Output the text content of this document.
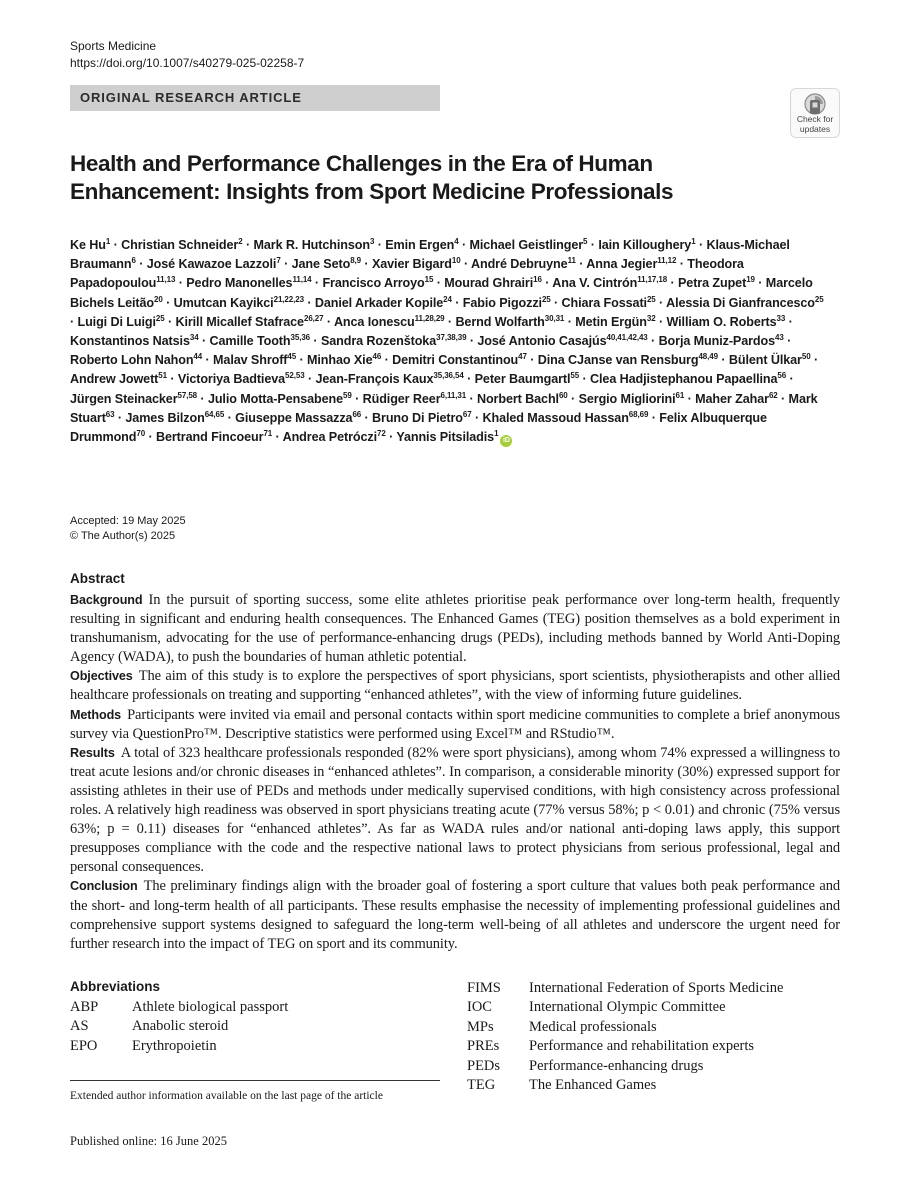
Sports Medicine
https://doi.org/10.1007/s40279-025-02258-7
ORIGINAL RESEARCH ARTICLE
Check for updates
Health and Performance Challenges in the Era of Human Enhancement: Insights from Sport Medicine Professionals

Ke $Hu^1$ · Christian Schneider$^2$ · Mark R. Hutchinson$^3$ · Emin Ergen$^4$ · Michael Geistlinger$^5$ · Iain Killoughery$^1$ · Klaus-Michael Braumann$^6$ · José Kawazoe Lazzoli$^7$ · Jane Seto$^{8,9}$ · Xavier Bigard$^{10}$ · André Debruyne$^{11}$ · Anna Jegier$^{11,12}$ · Theodora Papadopoulou$^{11,13}$ · Pedro Manonelles$^{11,14}$ · Francisco Arroyo$^{15}$ · Mourad Ghrairi$^{16}$ · Ana V. Cintrón$^{11,17,18}$ · Petra Zupet$^{19}$ · Marcelo Bichels Leitão$^{20}$ · Umutcan Kayikci$^{21,22,23}$ · Daniel Arkader Kopile$^{24}$ · Fabio Pigozzi$^{25}$ · Chiara Fossati$^{25}$ · Alessia Di Gianfrancesco$^{25}$ · Luigi Di Luigi$^{25}$ · Kirill Micallef Stafrace$^{26,27}$ · Anca Ionescu$^{11,28,29}$ · Bernd Wolfarth$^{30,31}$ · Metin Ergün$^{32}$ · William O. Roberts$^{33}$ · Konstantinos Natsis$^{34}$ · Camille Tooth$^{35,36}$ · Sandra Rozenštoka$^{37,38,39}$ · José Antonio Casajús$^{40,41,42,43}$ · Borja Muniz-Pardos$^{43}$ · Roberto Lohn Nahon$^{44}$ · Malav Shroff$^{45}$ · Minhao Xie$^{46}$ · Demitri Constantinou$^{47}$ · Dina CJanse van Rensburg$^{48,49}$ · Bülent Ülkar$^{50}$ · Andrew Jowett$^{51}$ · Victoriya Badtieva$^{52,53}$ · Jean-François Kaux$^{35,36,54}$ · Peter Baumgartl$^{55}$ · Clea Hadjistephanou Papaellina$^{56}$ · Jürgen Steinacker$^{57,58}$ · Julio Motta-Pensabene$^{59}$ · Rüdiger Reer$^{6,11,31}$ · Norbert Bachl$^{60}$ · Sergio Migliorini$^{61}$ · Maher Zahar$^{62}$ · Mark Stuart$^{63}$ · James Bilzon$^{64,65}$ · Giuseppe Massazza$^{66}$ · Bruno Di Pietro$^{67}$ · Khaled Massoud Hassan$^{68,69}$ · Felix Albuquerque Drummond$^{70}$ · Bertrand Fincoeur$^{71}$ · Andrea Petróczi$^{72}$ · Yannis Pitsiladis$^1$iD

Accepted: 19 May 2025
© The Author(s) 2025
Abstract

Background In the pursuit of sporting success, some elite athletes prioritise peak performance over long-term health, frequently resulting in significant and enduring health consequences. The Enhanced Games (TEG) position themselves as a bold experiment in transhumanism, advocating for the use of performance-enhancing drugs (PEDs), including methods banned by World Anti-Doping Agency (WADA), to push the boundaries of human athletic potential.

Objectives The aim of this study is to explore the perspectives of sport physicians, sport scientists, physiotherapists and other allied healthcare professionals on treating and supporting “enhanced athletes”, with the view of informing future guidelines.

Methods Participants were invited via email and personal contacts within sport medicine communities to complete a brief anonymous survey via QuestionPro™. Descriptive statistics were performed using Excel™ and RStudio™.

Results A total of 323 healthcare professionals responded (82% were sport physicians), among whom 74% expressed a willingness to treat acute lesions and/or chronic diseases in “enhanced athletes”. In comparison, a considerable minority (30%) expressed support for assisting athletes in their use of PEDs and methods under medically supervised conditions, with high consistency across professional roles. A relatively high readiness was observed in sport physicians treating acute (77% versus 58%; p < 0.01) and chronic (75% versus 63%; p = 0.11) diseases for “enhanced athletes”. As far as WADA rules and/or national anti-doping laws apply, this support presupposes compliance with the code and the respective national laws to protect physicians from serious professional, legal and personal consequences.

Conclusion The preliminary findings align with the broader goal of fostering a sport culture that values both peak performance and the short- and long-term health of all participants. These results emphasise the necessity of implementing professional guidelines and comprehensive support systems designed to safeguard the long-term well-being of all athletes and underscore the urgent need for further research into the impact of TEG on sport and its community.

Abbreviations
ABP	Athlete biological passport
AS	Anabolic steroid
EPO	Erythropoietin
FIMS	International Federation of Sports Medicine
IOC	International Olympic Committee
MPs	Medical professionals
PREs	Performance and rehabilitation experts
PEDs	Performance-enhancing drugs
TEG	The Enhanced Games
Extended author information available on the last page of the article
Published online: 16 June 2025
